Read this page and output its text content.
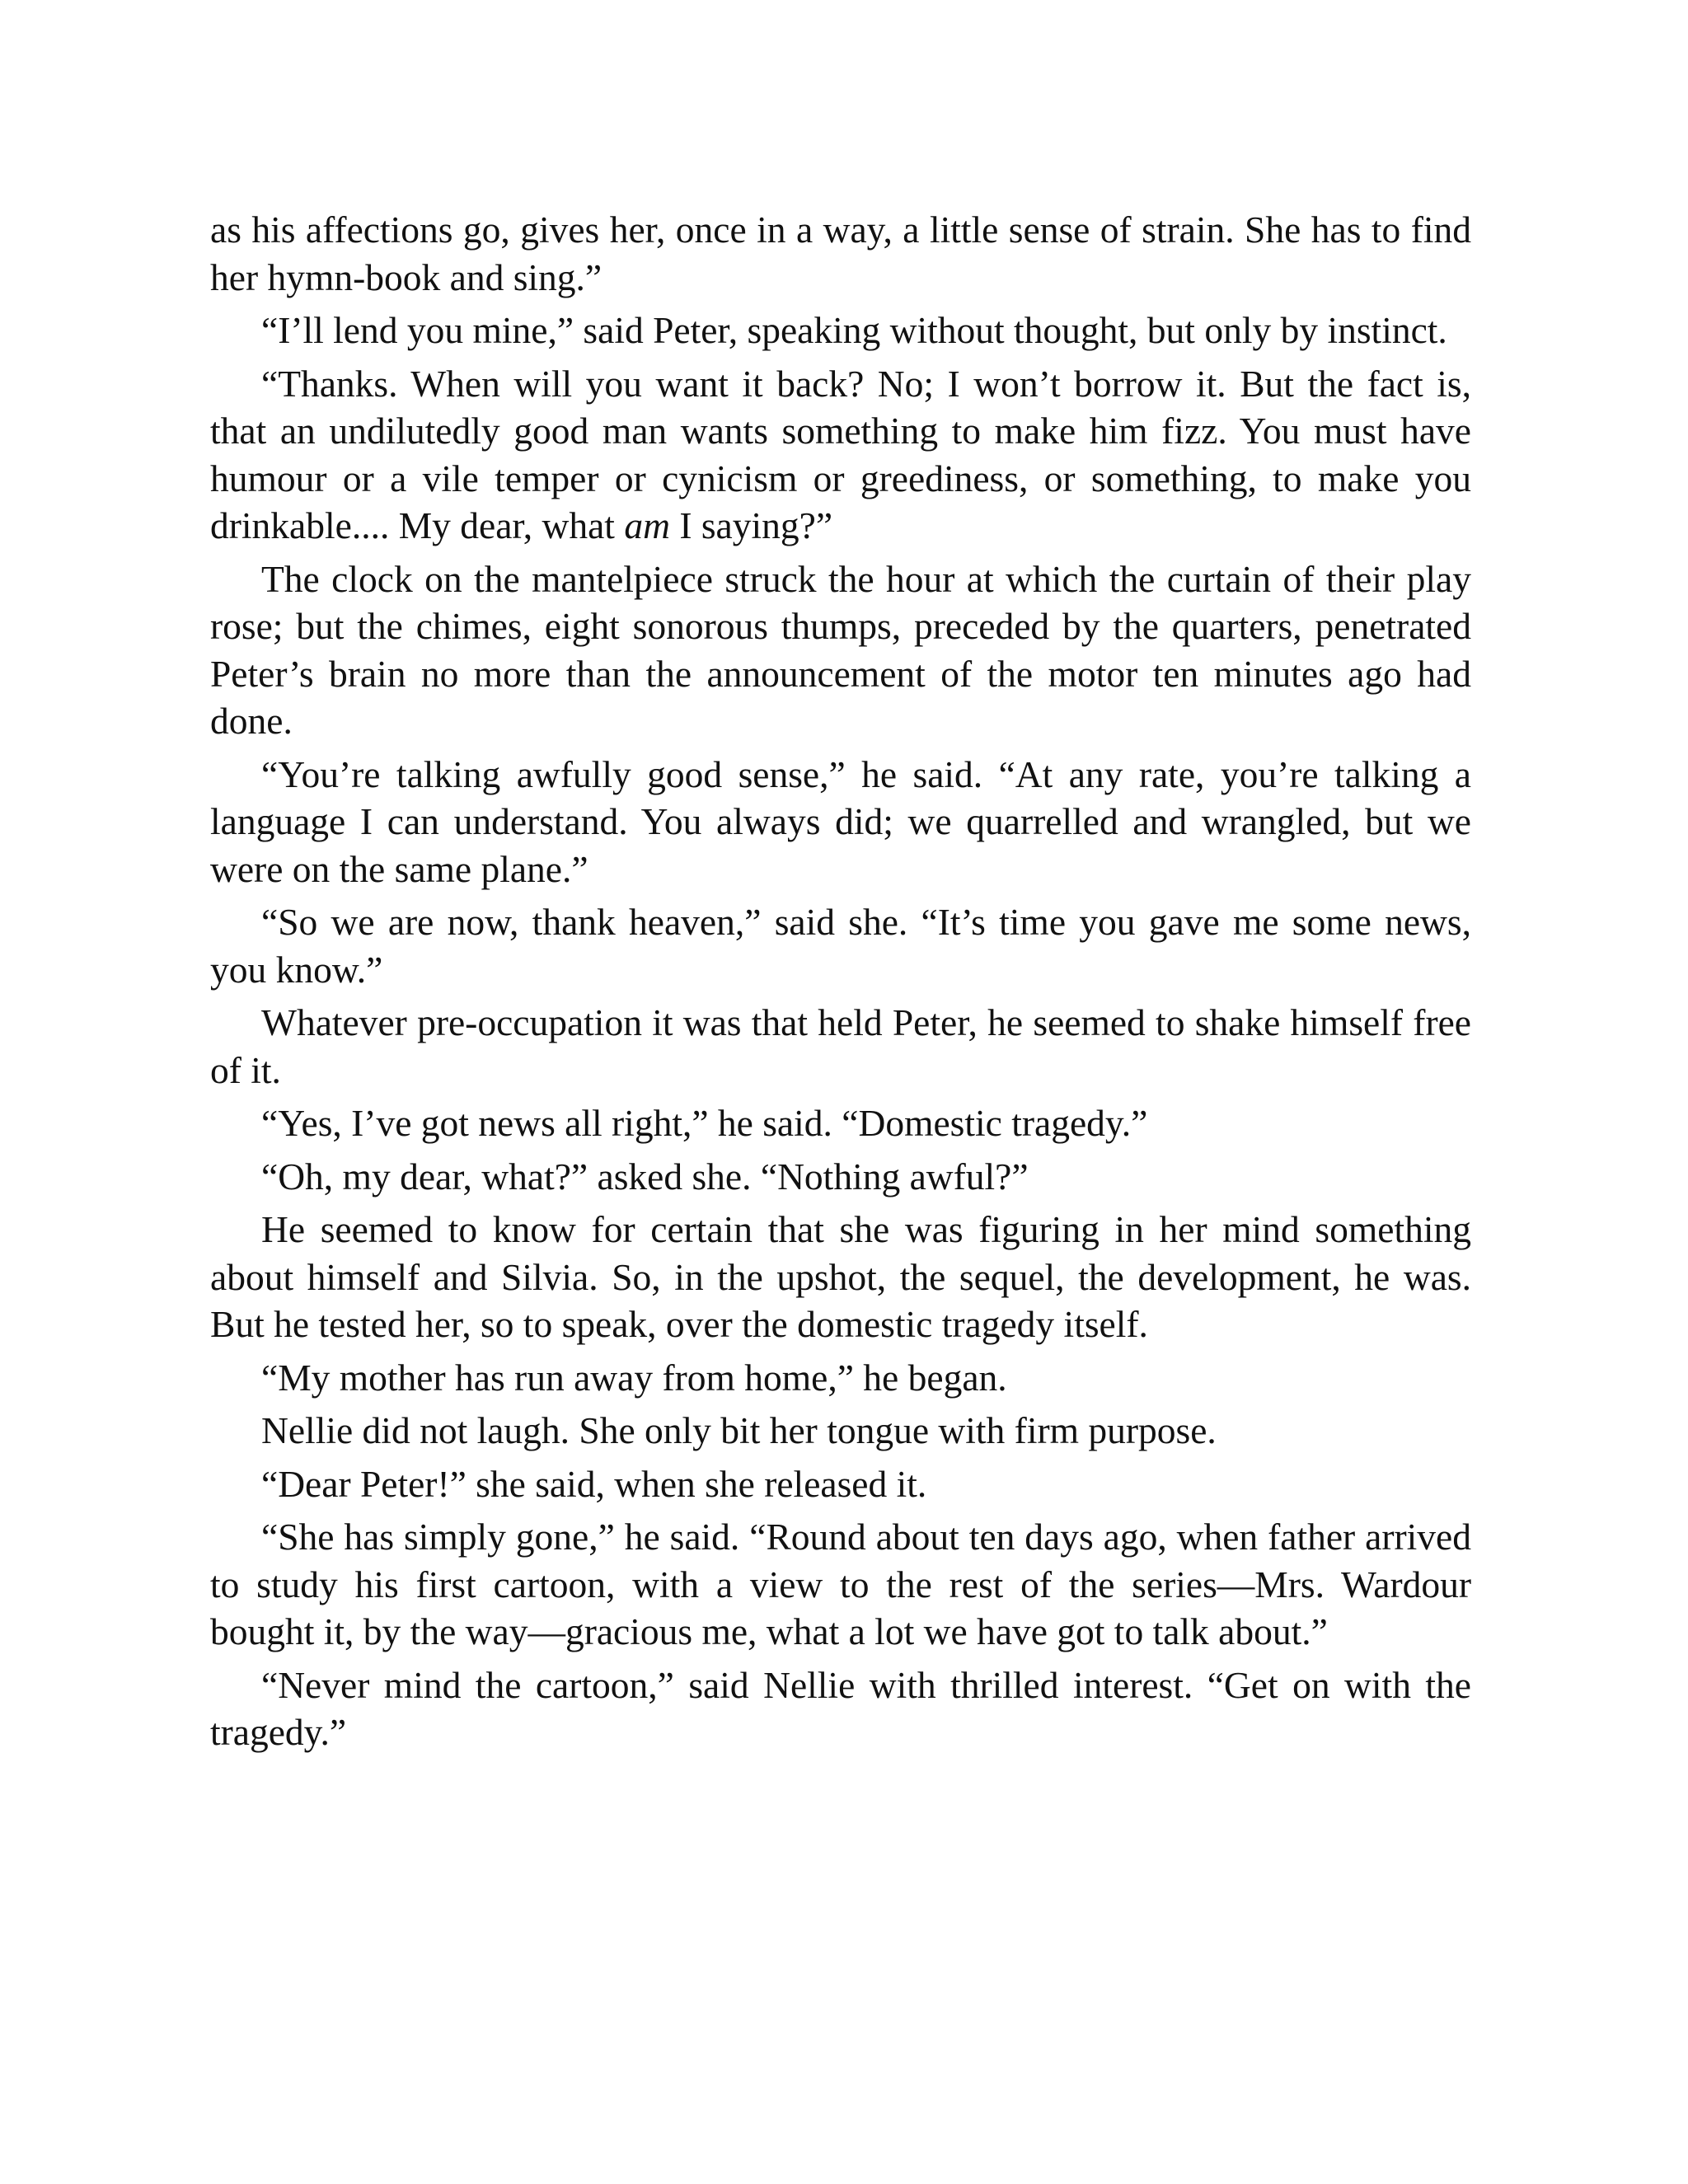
as his affections go, gives her, once in a way, a little sense of strain. She has to find her hymn-book and sing.”

“I’ll lend you mine,” said Peter, speaking without thought, but only by instinct.

“Thanks. When will you want it back? No; I won’t borrow it. But the fact is, that an undilutedly good man wants something to make him fizz. You must have humour or a vile temper or cynicism or greediness, or something, to make you drinkable.... My dear, what am I saying?”

The clock on the mantelpiece struck the hour at which the curtain of their play rose; but the chimes, eight sonorous thumps, preceded by the quarters, penetrated Peter’s brain no more than the announcement of the motor ten minutes ago had done.

“You’re talking awfully good sense,” he said. “At any rate, you’re talking a language I can understand. You always did; we quarrelled and wrangled, but we were on the same plane.”

“So we are now, thank heaven,” said she. “It’s time you gave me some news, you know.”

Whatever pre-occupation it was that held Peter, he seemed to shake himself free of it.

“Yes, I’ve got news all right,” he said. “Domestic tragedy.”

“Oh, my dear, what?” asked she. “Nothing awful?”

He seemed to know for certain that she was figuring in her mind something about himself and Silvia. So, in the upshot, the sequel, the development, he was. But he tested her, so to speak, over the domestic tragedy itself.

“My mother has run away from home,” he began.

Nellie did not laugh. She only bit her tongue with firm purpose.

“Dear Peter!” she said, when she released it.

“She has simply gone,” he said. “Round about ten days ago, when father arrived to study his first cartoon, with a view to the rest of the series—Mrs. Wardour bought it, by the way—gracious me, what a lot we have got to talk about.”

“Never mind the cartoon,” said Nellie with thrilled interest. “Get on with the tragedy.”
